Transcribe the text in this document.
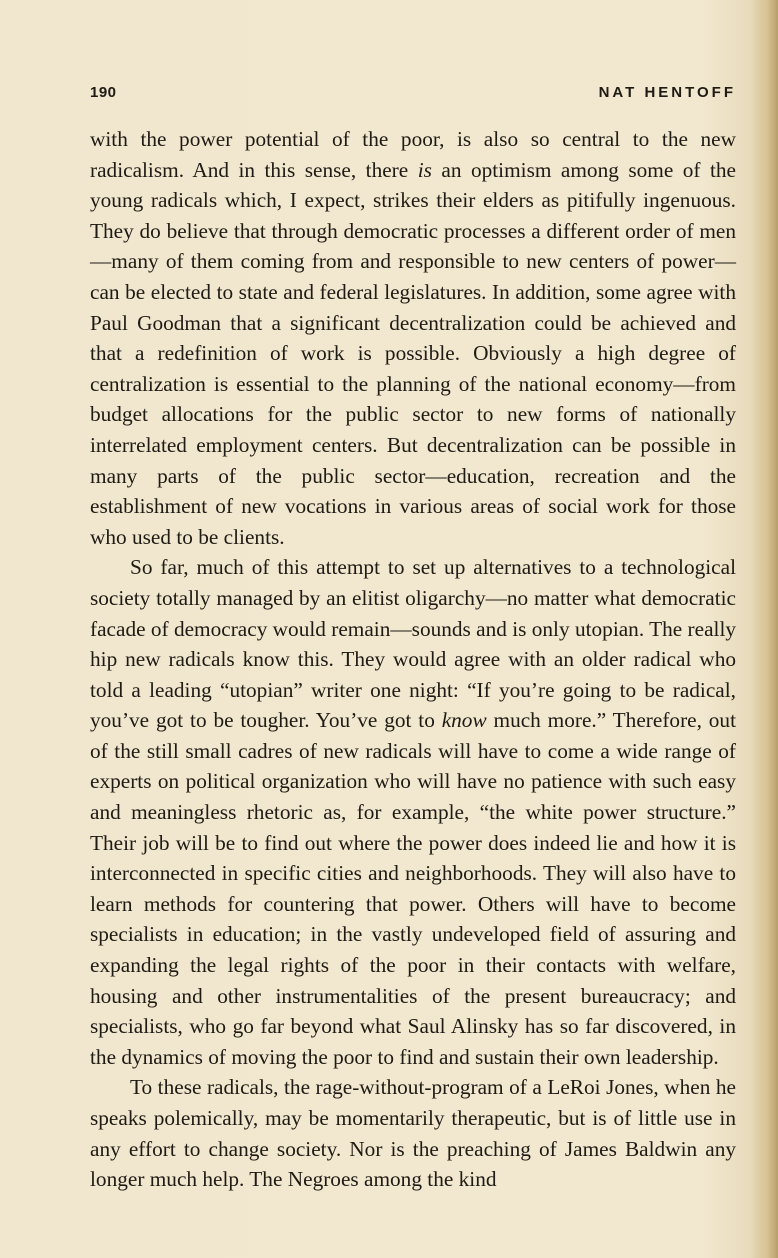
190	NAT HENTOFF

with the power potential of the poor, is also so central to the new radicalism. And in this sense, there is an optimism among some of the young radicals which, I expect, strikes their elders as pitifully ingenuous. They do believe that through democratic processes a different order of men—many of them coming from and responsible to new centers of power—can be elected to state and federal legislatures. In addition, some agree with Paul Goodman that a significant decentralization could be achieved and that a redefinition of work is possible. Obviously a high degree of centralization is essential to the planning of the national economy—from budget allocations for the public sector to new forms of nationally interrelated employment centers. But decentralization can be possible in many parts of the public sector—education, recreation and the establishment of new vocations in various areas of social work for those who used to be clients.

So far, much of this attempt to set up alternatives to a technological society totally managed by an elitist oligarchy—no matter what democratic facade of democracy would remain—sounds and is only utopian. The really hip new radicals know this. They would agree with an older radical who told a leading “utopian” writer one night: “If you’re going to be radical, you’ve got to be tougher. You’ve got to know much more.” Therefore, out of the still small cadres of new radicals will have to come a wide range of experts on political organization who will have no patience with such easy and meaningless rhetoric as, for example, “the white power structure.” Their job will be to find out where the power does indeed lie and how it is interconnected in specific cities and neighborhoods. They will also have to learn methods for countering that power. Others will have to become specialists in education; in the vastly undeveloped field of assuring and expanding the legal rights of the poor in their contacts with welfare, housing and other instrumentalities of the present bureaucracy; and specialists, who go far beyond what Saul Alinsky has so far discovered, in the dynamics of moving the poor to find and sustain their own leadership.

To these radicals, the rage-without-program of a LeRoi Jones, when he speaks polemically, may be momentarily therapeutic, but is of little use in any effort to change society. Nor is the preaching of James Baldwin any longer much help. The Negroes among the kind
